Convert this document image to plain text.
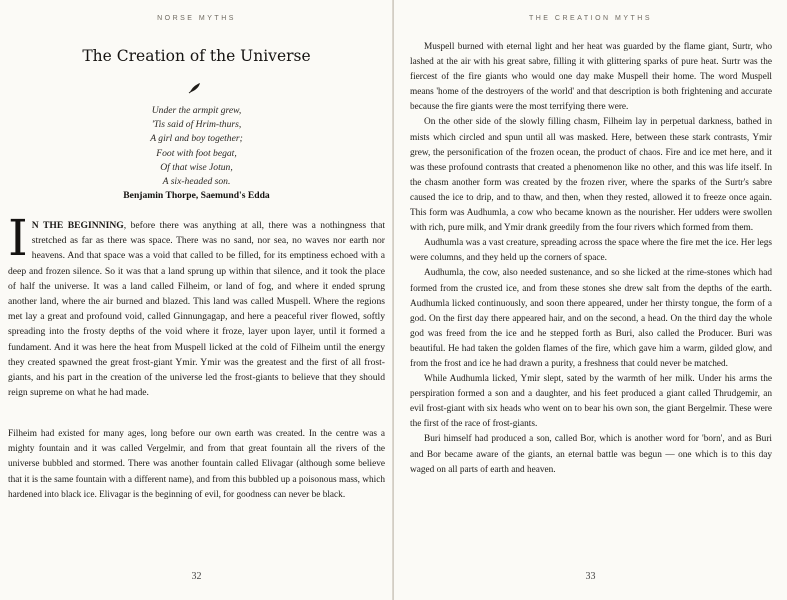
NORSE MYTHS
The Creation of the Universe
Under the armpit grew,
'Tis said of Hrim-thurs,
A girl and boy together;
Foot with foot begat,
Of that wise Jotun,
A six-headed son.
Benjamin Thorpe, Saemund's Edda
I N THE BEGINNING, before there was anything at all, there was a nothingness that stretched as far as there was space. There was no sand, nor sea, no waves nor earth nor heavens. And that space was a void that called to be filled, for its emptiness echoed with a deep and frozen silence. So it was that a land sprung up within that silence, and it took the place of half the universe. It was a land called Filheim, or land of fog, and where it ended sprung another land, where the air burned and blazed. This land was called Muspell. Where the regions met lay a great and profound void, called Ginnungagap, and here a peaceful river flowed, softly spreading into the frosty depths of the void where it froze, layer upon layer, until it formed a fundament. And it was here the heat from Muspell licked at the cold of Filheim until the energy they created spawned the great frost-giant Ymir. Ymir was the greatest and the first of all frost-giants, and his part in the creation of the universe led the frost-giants to believe that they should reign supreme on what he had made.
Filheim had existed for many ages, long before our own earth was created. In the centre was a mighty fountain and it was called Vergelmir, and from that great fountain all the rivers of the universe bubbled and stormed. There was another fountain called Elivagar (although some believe that it is the same fountain with a different name), and from this bubbled up a poisonous mass, which hardened into black ice. Elivagar is the beginning of evil, for goodness can never be black.
32
THE CREATION MYTHS

Muspell burned with eternal light and her heat was guarded by the flame giant, Surtr, who lashed at the air with his great sabre, filling it with glittering sparks of pure heat. Surtr was the fiercest of the fire giants who would one day make Muspell their home. The word Muspell means 'home of the destroyers of the world' and that description is both frightening and accurate because the fire giants were the most terrifying there were.

On the other side of the slowly filling chasm, Filheim lay in perpetual darkness, bathed in mists which circled and spun until all was masked. Here, between these stark contrasts, Ymir grew, the personification of the frozen ocean, the product of chaos. Fire and ice met here, and it was these profound contrasts that created a phenomenon like no other, and this was life itself. In the chasm another form was created by the frozen river, where the sparks of the Surtr's sabre caused the ice to drip, and to thaw, and then, when they rested, allowed it to freeze once again. This form was Audhumla, a cow who became known as the nourisher. Her udders were swollen with rich, pure milk, and Ymir drank greedily from the four rivers which formed from them.

Audhumla was a vast creature, spreading across the space where the fire met the ice. Her legs were columns, and they held up the corners of space.

Audhumla, the cow, also needed sustenance, and so she licked at the rime-stones which had formed from the crusted ice, and from these stones she drew salt from the depths of the earth. Audhumla licked continuously, and soon there appeared, under her thirsty tongue, the form of a god. On the first day there appeared hair, and on the second, a head. On the third day the whole god was freed from the ice and he stepped forth as Buri, also called the Producer. Buri was beautiful. He had taken the golden flames of the fire, which gave him a warm, gilded glow, and from the frost and ice he had drawn a purity, a freshness that could never be matched.

While Audhumla licked, Ymir slept, sated by the warmth of her milk. Under his arms the perspiration formed a son and a daughter, and his feet produced a giant called Thrudgemir, an evil frost-giant with six heads who went on to bear his own son, the giant Bergelmir. These were the first of the race of frost-giants.

Buri himself had produced a son, called Bor, which is another word for 'born', and as Buri and Bor became aware of the giants, an eternal battle was begun — one which is to this day waged on all parts of earth and heaven.

33
